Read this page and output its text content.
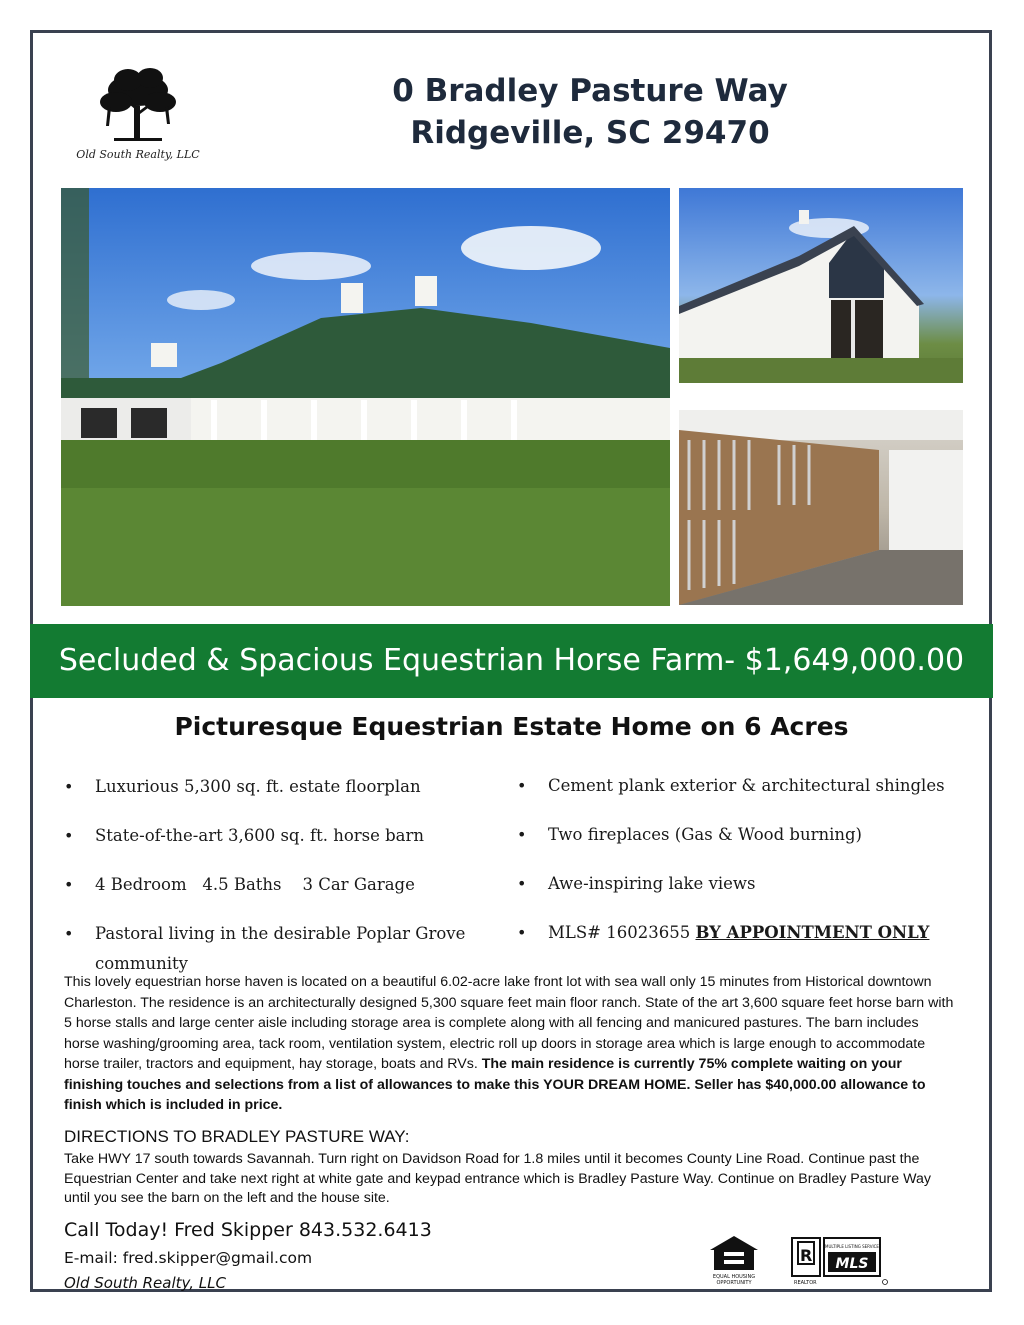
Old South Realty, LLC
0 Bradley Pasture Way
Ridgeville, SC 29470
Secluded & Spacious Equestrian Horse Farm- $1,649,000.00
Picturesque Equestrian Estate Home on 6 Acres
• Luxurious 5,300 sq. ft. estate floorplan
• State-of-the-art 3,600 sq. ft. horse barn
• 4 Bedroom   4.5 Baths    3 Car Garage
• Pastoral living in the desirable Poplar Grove community
• Cement plank exterior & architectural shingles
• Two fireplaces (Gas & Wood burning)
• Awe-inspiring lake views
• MLS# 16023655 BY APPOINTMENT ONLY

This lovely equestrian horse haven is located on a beautiful 6.02-acre lake front lot with sea wall only 15 minutes from Historical downtown Charleston. The residence is an architecturally designed 5,300 square feet main floor ranch. State of the art 3,600 square feet horse barn with 5 horse stalls and large center aisle including storage area is complete along with all fencing and manicured pastures. The barn includes horse washing/grooming area, tack room, ventilation system, electric roll up doors in storage area which is large enough to accommodate horse trailer, tractors and equipment, hay storage, boats and RVs. The main residence is currently 75% complete waiting on your finishing touches and selections from a list of allowances to make this YOUR DREAM HOME. Seller has $40,000.00 allowance to finish which is included in price.

DIRECTIONS TO BRADLEY PASTURE WAY:

Take HWY 17 south towards Savannah. Turn right on Davidson Road for 1.8 miles until it becomes County Line Road. Continue past the Equestrian Center and take next right at white gate and keypad entrance which is Bradley Pasture Way. Continue on Bradley Pasture Way until you see the barn on the left and the house site.

Call Today! Fred Skipper 843.532.6413
E-mail: fred.skipper@gmail.com
Old South Realty, LLC	EQUAL HOUSING
OPPORTUNITY
R	MULTIPLE LISTING SERVICE
MLS
REALTOR
